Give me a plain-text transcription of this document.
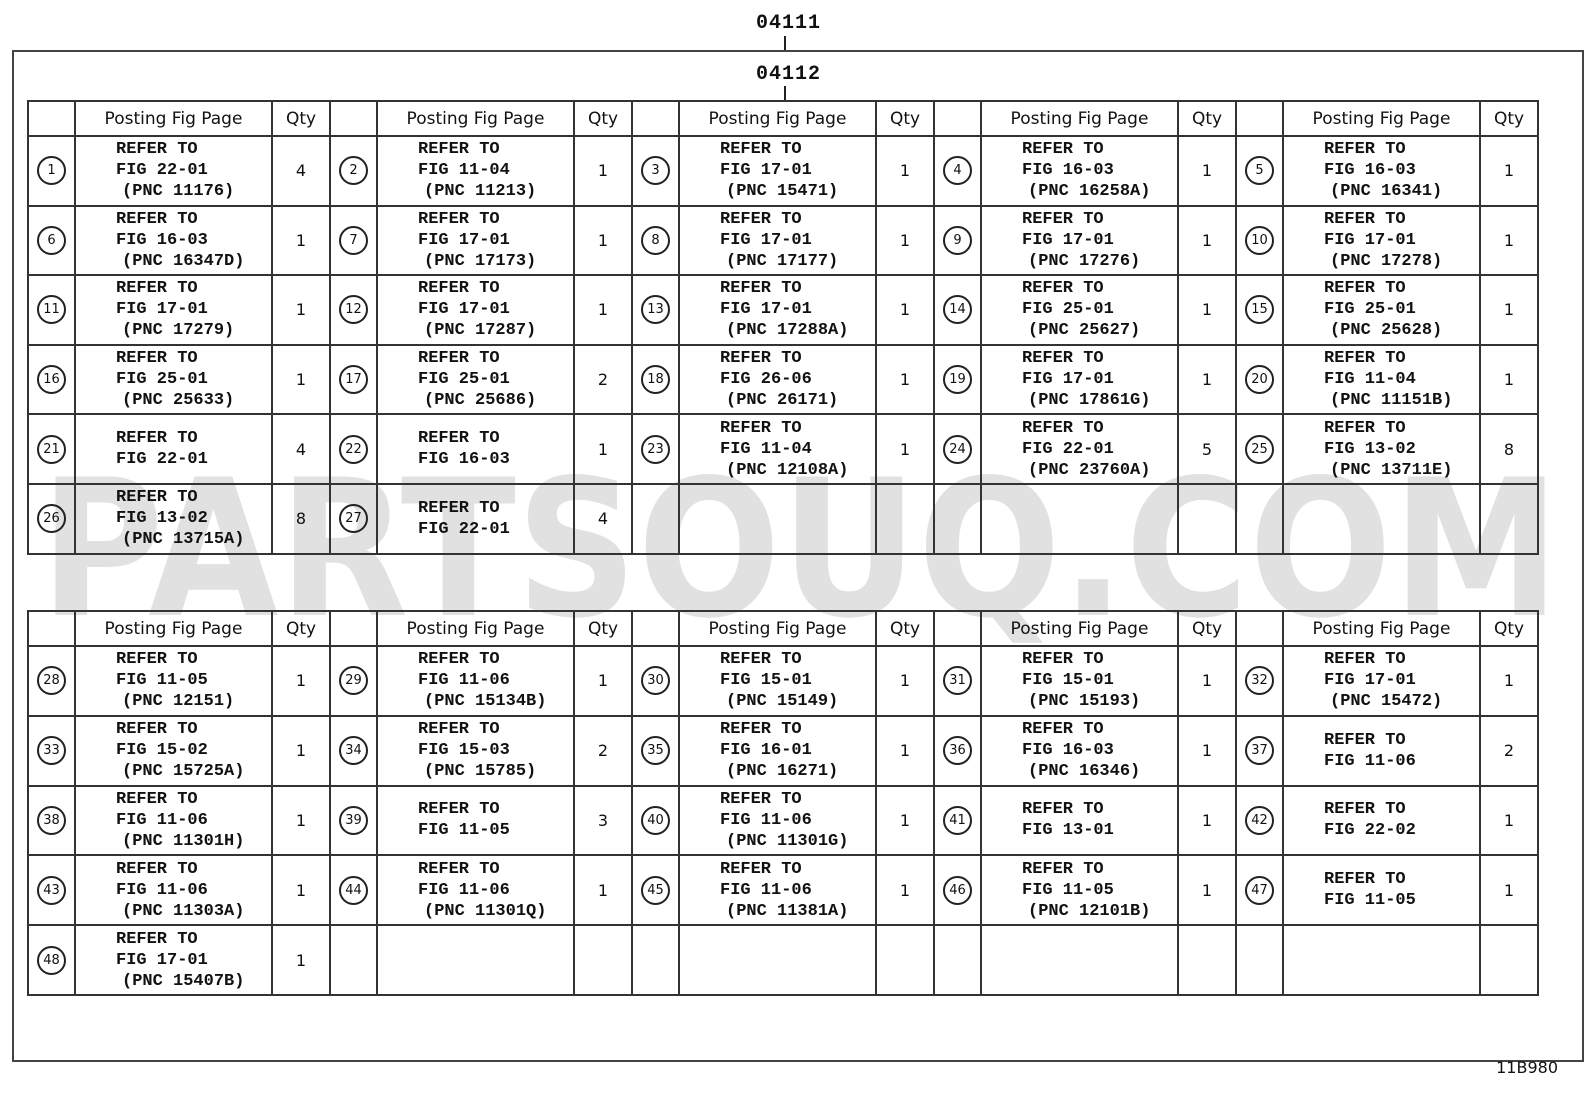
04111
04112
PARTSOUQ.COM
	Posting Fig Page	Qty		Posting Fig Page	Qty		Posting Fig Page	Qty		Posting Fig Page	Qty		Posting Fig Page	Qty
1	REFER TO
FIG 22-01
(PNC 11176)	4	2	REFER TO
FIG 11-04
(PNC 11213)	1	3	REFER TO
FIG 17-01
(PNC 15471)	1	4	REFER TO
FIG 16-03
(PNC 16258A)	1	5	REFER TO
FIG 16-03
(PNC 16341)	1
6	REFER TO
FIG 16-03
(PNC 16347D)	1	7	REFER TO
FIG 17-01
(PNC 17173)	1	8	REFER TO
FIG 17-01
(PNC 17177)	1	9	REFER TO
FIG 17-01
(PNC 17276)	1	10	REFER TO
FIG 17-01
(PNC 17278)	1
11	REFER TO
FIG 17-01
(PNC 17279)	1	12	REFER TO
FIG 17-01
(PNC 17287)	1	13	REFER TO
FIG 17-01
(PNC 17288A)	1	14	REFER TO
FIG 25-01
(PNC 25627)	1	15	REFER TO
FIG 25-01
(PNC 25628)	1
16	REFER TO
FIG 25-01
(PNC 25633)	1	17	REFER TO
FIG 25-01
(PNC 25686)	2	18	REFER TO
FIG 26-06
(PNC 26171)	1	19	REFER TO
FIG 17-01
(PNC 17861G)	1	20	REFER TO
FIG 11-04
(PNC 11151B)	1
21	REFER TO
FIG 22-01	4	22	REFER TO
FIG 16-03	1	23	REFER TO
FIG 11-04
(PNC 12108A)	1	24	REFER TO
FIG 22-01
(PNC 23760A)	5	25	REFER TO
FIG 13-02
(PNC 13711E)	8
26	REFER TO
FIG 13-02
(PNC 13715A)	8	27	REFER TO
FIG 22-01	4									
	Posting Fig Page	Qty		Posting Fig Page	Qty		Posting Fig Page	Qty		Posting Fig Page	Qty		Posting Fig Page	Qty
28	REFER TO
FIG 11-05
(PNC 12151)	1	29	REFER TO
FIG 11-06
(PNC 15134B)	1	30	REFER TO
FIG 15-01
(PNC 15149)	1	31	REFER TO
FIG 15-01
(PNC 15193)	1	32	REFER TO
FIG 17-01
(PNC 15472)	1
33	REFER TO
FIG 15-02
(PNC 15725A)	1	34	REFER TO
FIG 15-03
(PNC 15785)	2	35	REFER TO
FIG 16-01
(PNC 16271)	1	36	REFER TO
FIG 16-03
(PNC 16346)	1	37	REFER TO
FIG 11-06	2
38	REFER TO
FIG 11-06
(PNC 11301H)	1	39	REFER TO
FIG 11-05	3	40	REFER TO
FIG 11-06
(PNC 11301G)	1	41	REFER TO
FIG 13-01	1	42	REFER TO
FIG 22-02	1
43	REFER TO
FIG 11-06
(PNC 11303A)	1	44	REFER TO
FIG 11-06
(PNC 11301Q)	1	45	REFER TO
FIG 11-06
(PNC 11381A)	1	46	REFER TO
FIG 11-05
(PNC 12101B)	1	47	REFER TO
FIG 11-05	1
48	REFER TO
FIG 17-01
(PNC 15407B)	1												
11B980
